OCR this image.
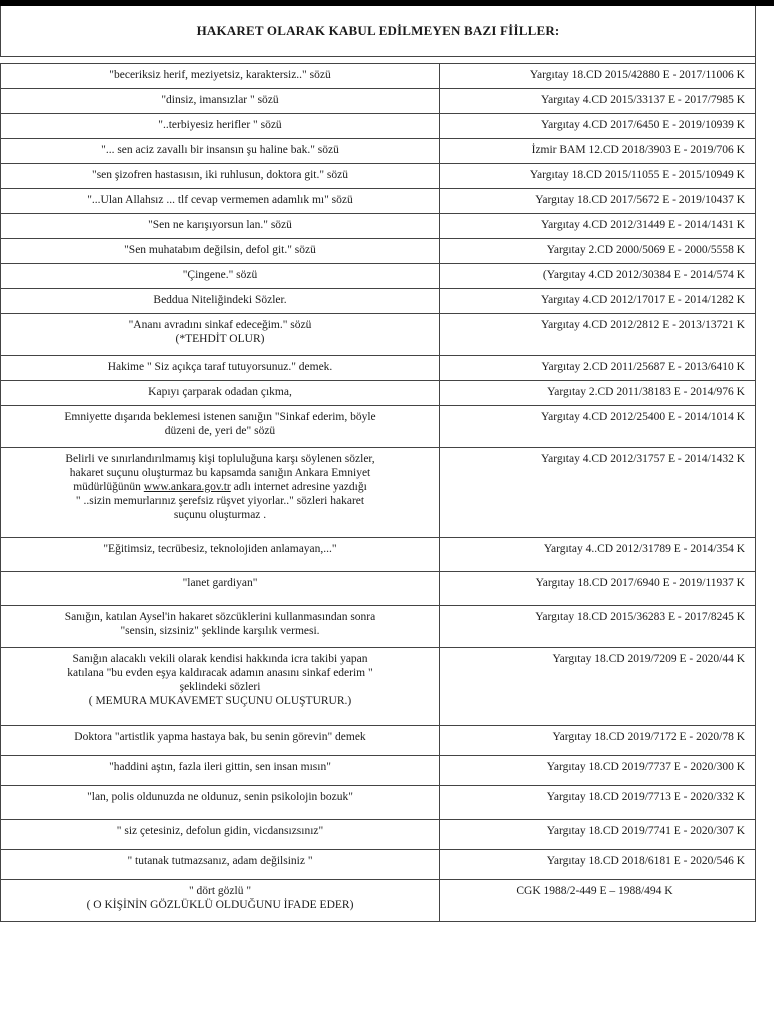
HAKARET OLARAK KABUL EDİLMEYEN BAZI FİİLLER:
"beceriksiz herif, meziyetsiz, karaktersiz.." sözü	Yargıtay 18.CD 2015/42880 E - 2017/11006 K

"dinsiz, imansızlar " sözü	Yargıtay 4.CD 2015/33137 E - 2017/7985 K

"..terbiyesiz herifler " sözü	Yargıtay 4.CD 2017/6450 E - 2019/10939 K

"... sen aciz zavallı bir insansın şu haline bak." sözü	İzmir BAM 12.CD 2018/3903 E - 2019/706 K

"sen şizofren hastasısın, iki ruhlusun, doktora git." sözü	Yargıtay 18.CD 2015/11055 E - 2015/10949 K

"...Ulan Allahsız ... tlf cevap vermemen adamlık mı" sözü	Yargıtay 18.CD 2017/5672 E - 2019/10437 K

"Sen ne karışıyorsun lan." sözü	Yargıtay 4.CD 2012/31449 E - 2014/1431 K

"Sen muhatabım değilsin, defol git." sözü	Yargıtay 2.CD 2000/5069 E - 2000/5558 K

"Çingene." sözü	(Yargıtay 4.CD 2012/30384 E - 2014/574 K

Beddua Niteliğindeki Sözler.	Yargıtay 4.CD 2012/17017 E - 2014/1282 K

"Ananı avradını sinkaf edeceğim." sözü
(*TEHDİT OLUR)	Yargıtay 4.CD 2012/2812 E - 2013/13721 K

Hakime " Siz açıkça taraf tutuyorsunuz." demek.	Yargıtay 2.CD 2011/25687 E - 2013/6410 K

Kapıyı çarparak odadan çıkma,	Yargıtay 2.CD 2011/38183 E - 2014/976 K

Emniyette dışarıda beklemesi istenen sanığın "Sinkaf ederim, böyle
düzeni de, yeri de" sözü	Yargıtay 4.CD 2012/25400 E - 2014/1014 K

Belirli ve sınırlandırılmamış kişi topluluğuna karşı söylenen sözler,
hakaret suçunu oluşturmaz bu kapsamda sanığın Ankara Emniyet
müdürlüğünün www.ankara.gov.tr adlı internet adresine yazdığı
" ..sizin memurlarınız şerefsiz rüşvet yiyorlar.." sözleri hakaret
suçunu oluşturmaz .	Yargıtay 4.CD 2012/31757 E - 2014/1432 K

"Eğitimsiz, tecrübesiz, teknolojiden anlamayan,..."	Yargıtay 4..CD 2012/31789 E - 2014/354 K

"lanet gardiyan"	Yargıtay 18.CD 2017/6940 E - 2019/11937 K

Sanığın, katılan Aysel'in hakaret sözcüklerini kullanmasından sonra
"sensin, sizsiniz" şeklinde karşılık vermesi.	Yargıtay 18.CD 2015/36283 E - 2017/8245 K

Sanığın alacaklı vekili olarak kendisi hakkında icra takibi yapan
katılana "bu evden eşya kaldıracak adamın anasını sinkaf ederim "
şeklindeki sözleri
( MEMURA MUKAVEMET SUÇUNU OLUŞTURUR.)	Yargıtay 18.CD 2019/7209 E - 2020/44 K

Doktora "artistlik yapma hastaya bak, bu senin görevin" demek	Yargıtay 18.CD 2019/7172 E - 2020/78 K

"haddini aştın, fazla ileri gittin, sen insan mısın"	Yargıtay 18.CD 2019/7737 E - 2020/300 K

"lan, polis oldunuzda ne oldunuz, senin psikolojin bozuk"	Yargıtay 18.CD 2019/7713 E - 2020/332 K

" siz çetesiniz, defolun gidin, vicdansızsınız"	Yargıtay 18.CD 2019/7741 E - 2020/307 K

" tutanak tutmazsanız, adam değilsiniz "	Yargıtay 18.CD 2018/6181 E - 2020/546 K

" dört gözlü "
( O KİŞİNİN GÖZLÜKLÜ OLDUĞUNU İFADE EDER)	CGK 1988/2-449 E – 1988/494 K
